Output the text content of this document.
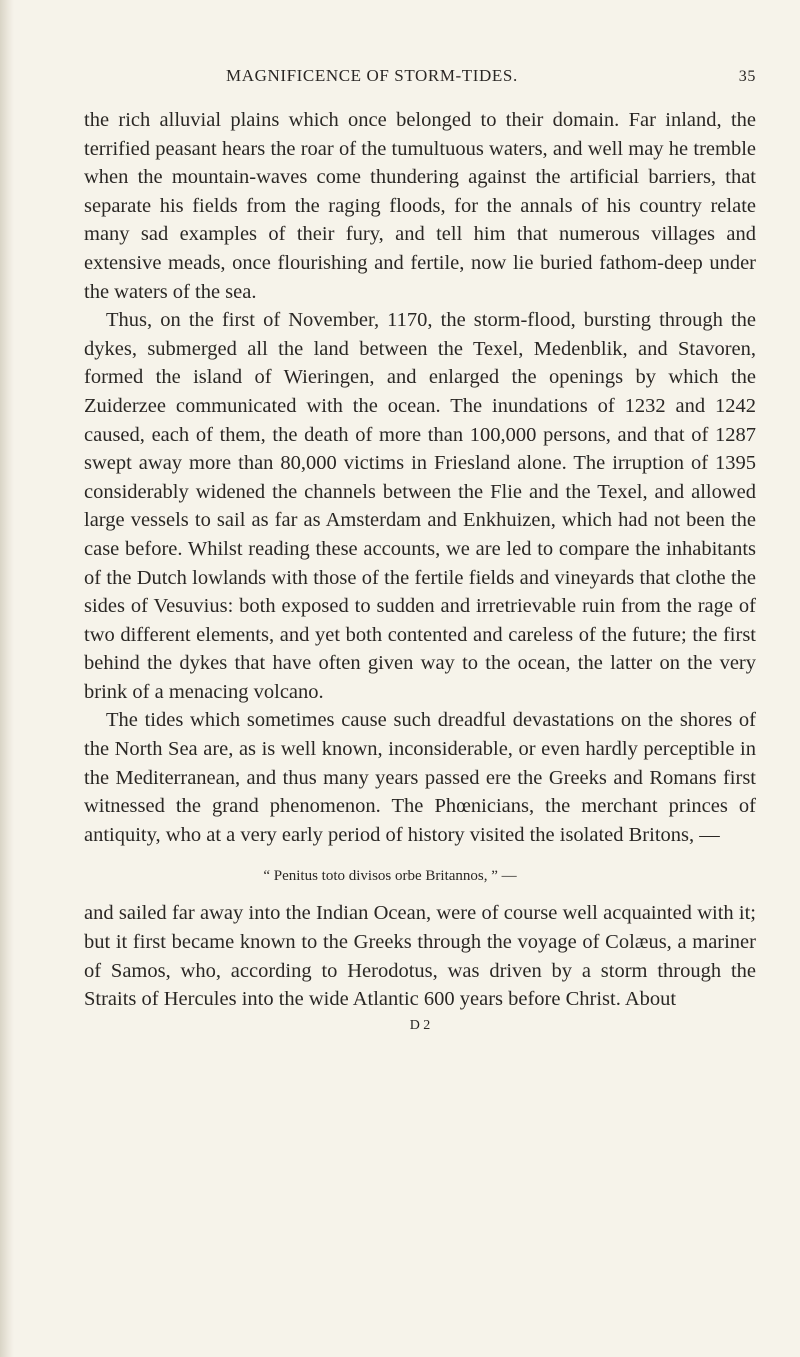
MAGNIFICENCE OF STORM-TIDES.	35

the rich alluvial plains which once belonged to their domain. Far inland, the terrified peasant hears the roar of the tumultuous waters, and well may he tremble when the mountain-waves come thundering against the artificial barriers, that separate his fields from the raging floods, for the annals of his country relate many sad examples of their fury, and tell him that numerous villages and extensive meads, once flourishing and fertile, now lie buried fathom-deep under the waters of the sea.

Thus, on the first of November, 1170, the storm-flood, bursting through the dykes, submerged all the land between the Texel, Medenblik, and Stavoren, formed the island of Wieringen, and enlarged the openings by which the Zuiderzee communicated with the ocean. The inundations of 1232 and 1242 caused, each of them, the death of more than 100,000 persons, and that of 1287 swept away more than 80,000 victims in Friesland alone. The irruption of 1395 considerably widened the channels between the Flie and the Texel, and allowed large vessels to sail as far as Amsterdam and Enkhuizen, which had not been the case before. Whilst reading these accounts, we are led to compare the inhabitants of the Dutch lowlands with those of the fertile fields and vineyards that clothe the sides of Vesuvius: both exposed to sudden and irretrievable ruin from the rage of two different elements, and yet both contented and careless of the future; the first behind the dykes that have often given way to the ocean, the latter on the very brink of a menacing volcano.

The tides which sometimes cause such dreadful devastations on the shores of the North Sea are, as is well known, inconsiderable, or even hardly perceptible in the Mediterranean, and thus many years passed ere the Greeks and Romans first witnessed the grand phenomenon. The Phœnicians, the merchant princes of antiquity, who at a very early period of history visited the isolated Britons, —

“ Penitus toto divisos orbe Britannos, ” —

and sailed far away into the Indian Ocean, were of course well acquainted with it; but it first became known to the Greeks through the voyage of Colæus, a mariner of Samos, who, according to Herodotus, was driven by a storm through the Straits of Hercules into the wide Atlantic 600 years before Christ. About

D 2
